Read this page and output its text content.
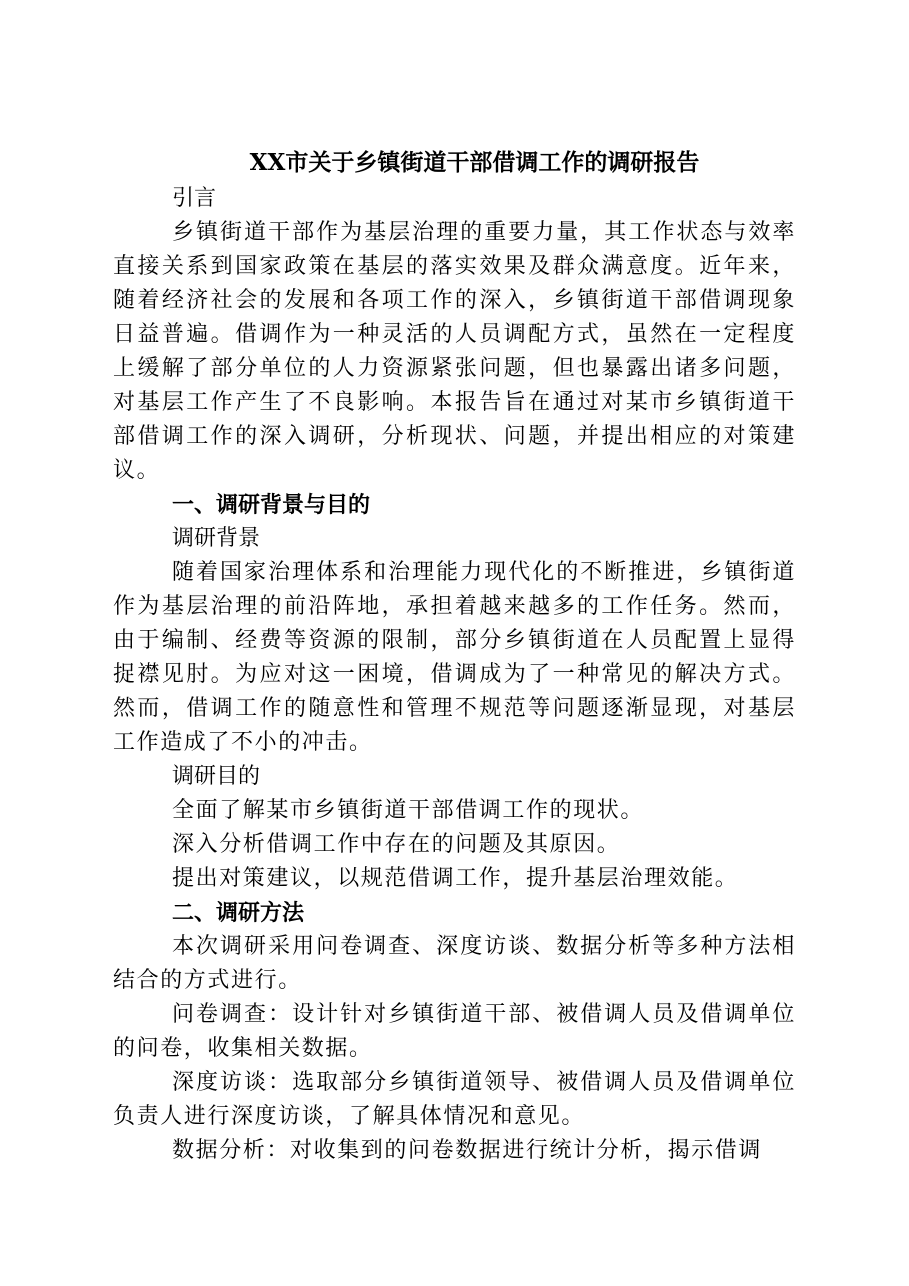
XX市关于乡镇街道干部借调工作的调研报告
引言

乡镇街道干部作为基层治理的重要力量，其工作状态与效率直接关系到国家政策在基层的落实效果及群众满意度。近年来，随着经济社会的发展和各项工作的深入，乡镇街道干部借调现象日益普遍。借调作为一种灵活的人员调配方式，虽然在一定程度上缓解了部分单位的人力资源紧张问题，但也暴露出诸多问题，对基层工作产生了不良影响。本报告旨在通过对某市乡镇街道干部借调工作的深入调研，分析现状、问题，并提出相应的对策建议。

一、调研背景与目的
调研背景

随着国家治理体系和治理能力现代化的不断推进，乡镇街道作为基层治理的前沿阵地，承担着越来越多的工作任务。然而，由于编制、经费等资源的限制，部分乡镇街道在人员配置上显得捉襟见肘。为应对这一困境，借调成为了一种常见的解决方式。然而，借调工作的随意性和管理不规范等问题逐渐显现，对基层工作造成了不小的冲击。

调研目的
全面了解某市乡镇街道干部借调工作的现状。
深入分析借调工作中存在的问题及其原因。
提出对策建议，以规范借调工作，提升基层治理效能。
二、调研方法

本次调研采用问卷调查、深度访谈、数据分析等多种方法相结合的方式进行。

问卷调查：设计针对乡镇街道干部、被借调人员及借调单位的问卷，收集相关数据。

深度访谈：选取部分乡镇街道领导、被借调人员及借调单位负责人进行深度访谈，了解具体情况和意见。

数据分析：对收集到的问卷数据进行统计分析，揭示借调
